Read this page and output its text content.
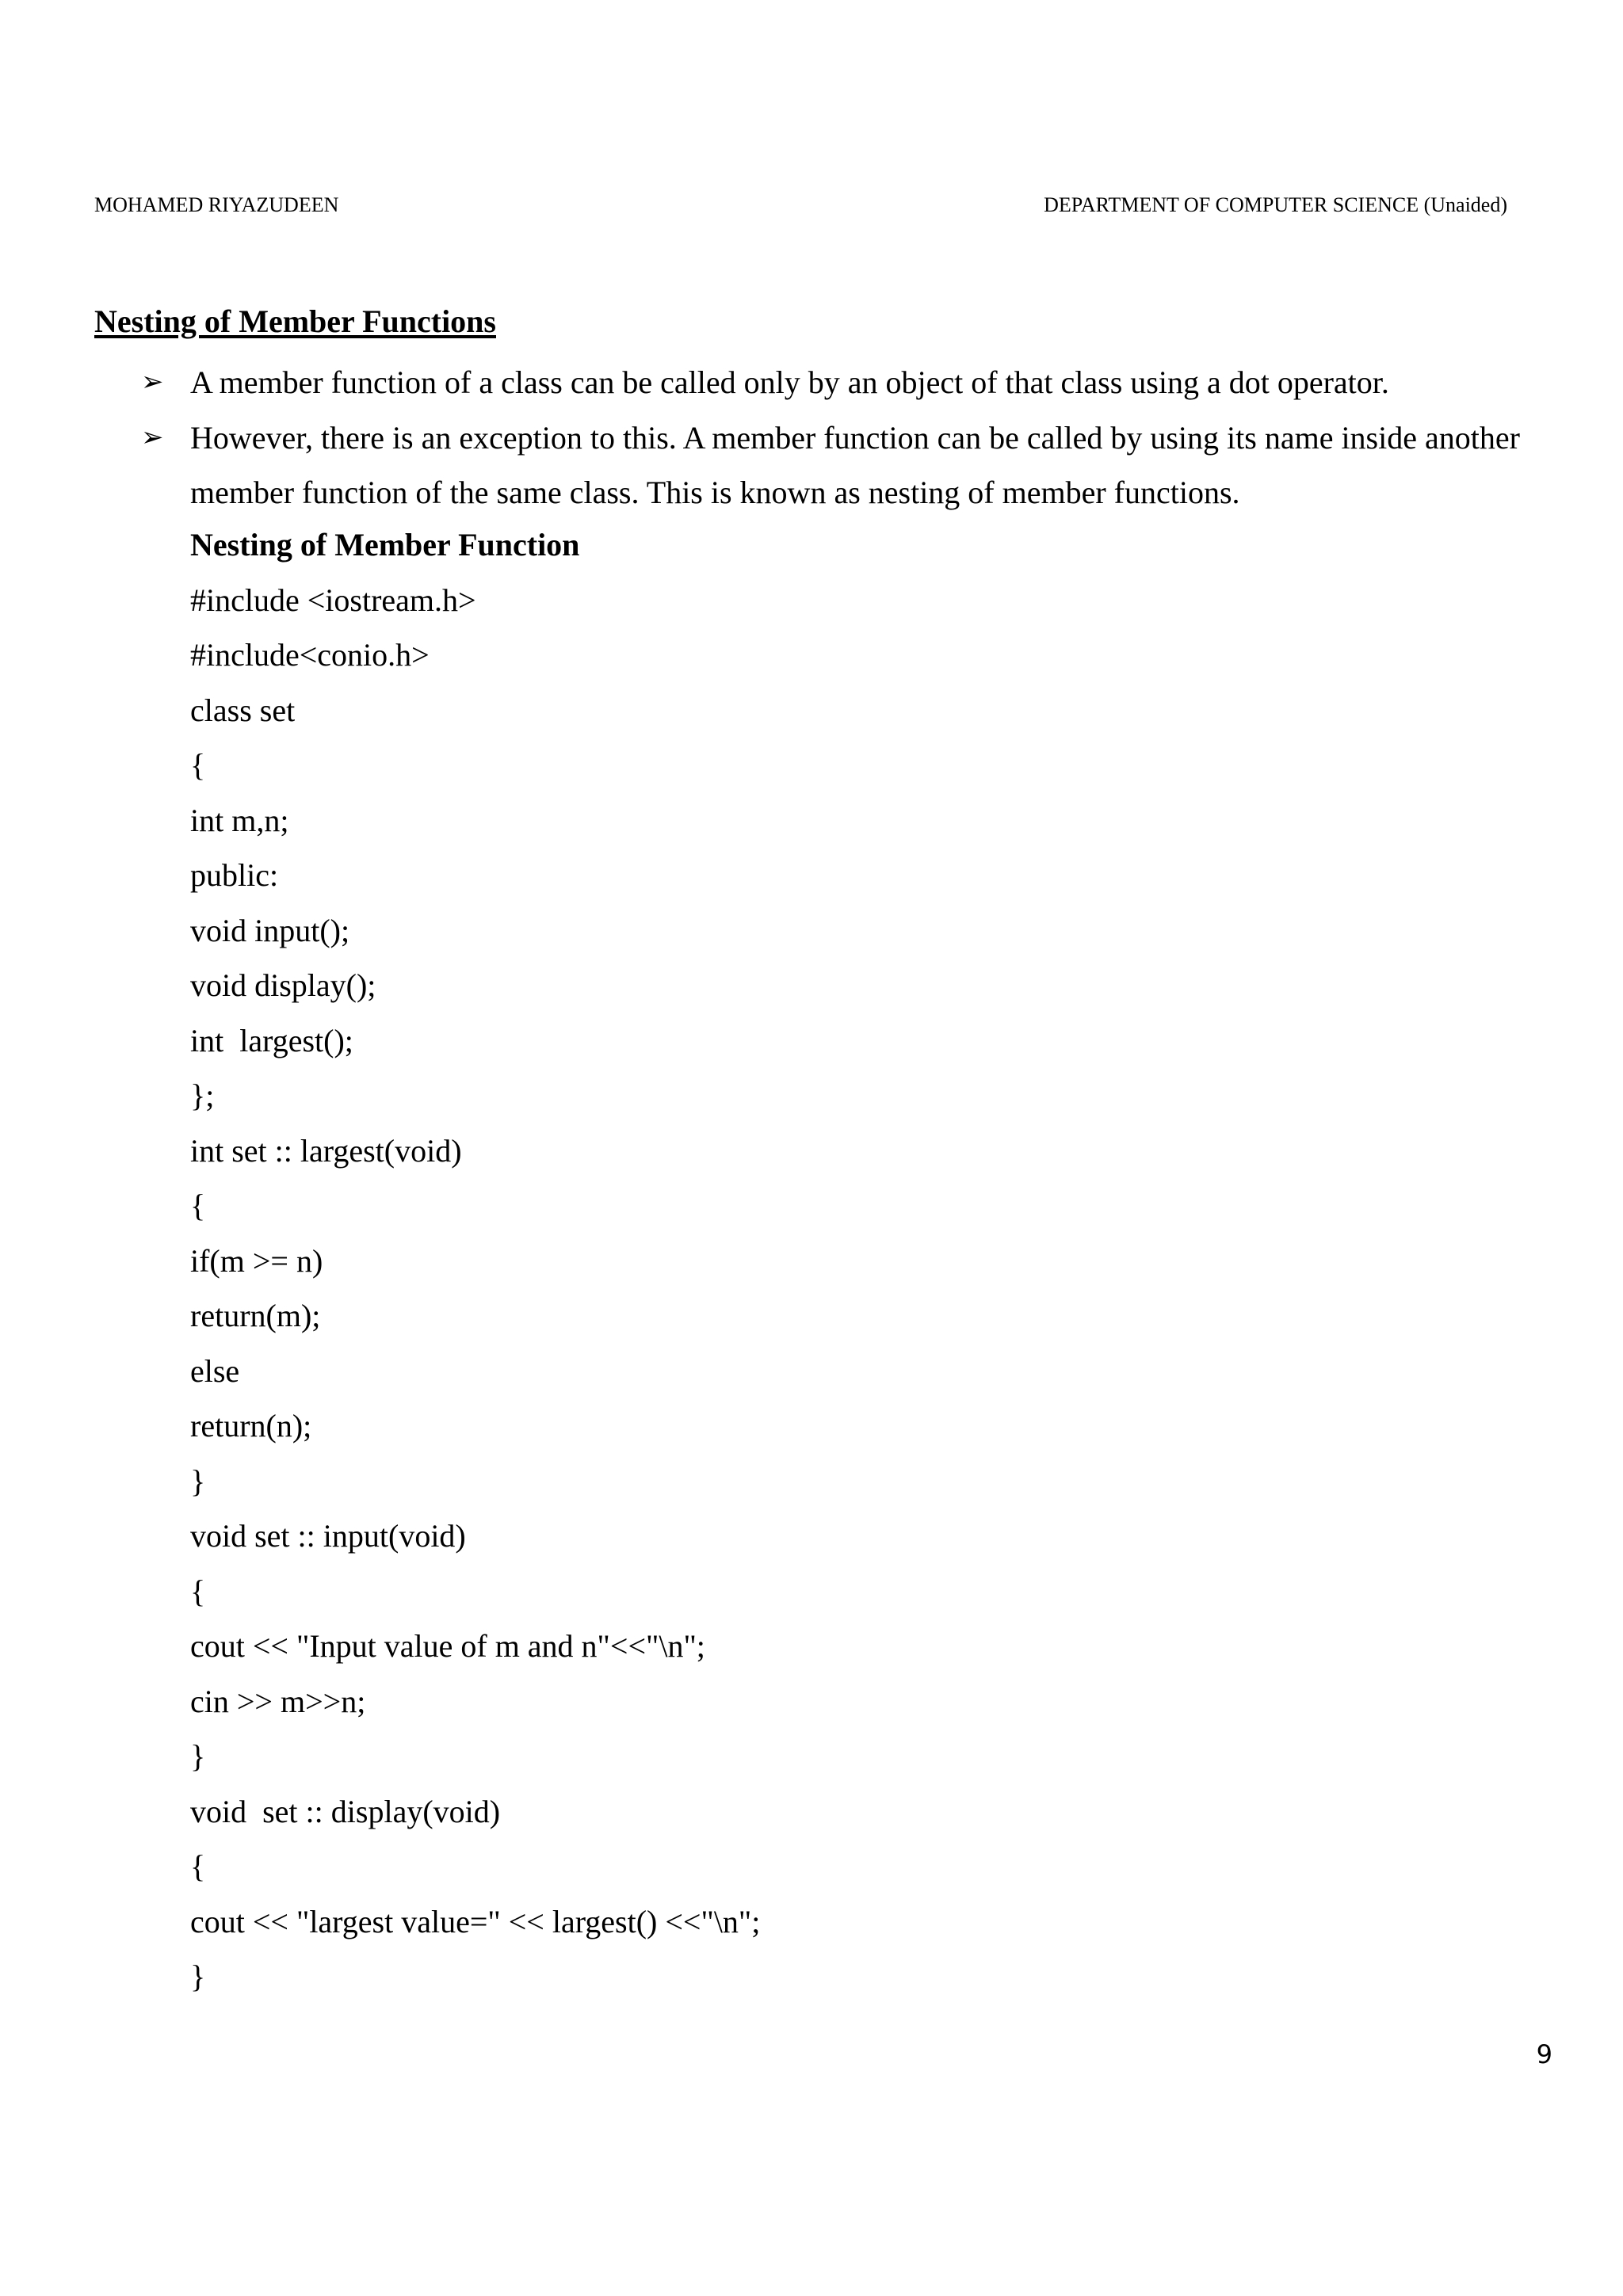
MOHAMED RIYAZUDEEN	DEPARTMENT OF COMPUTER SCIENCE (Unaided)
Nesting of Member Functions
➢ A member function of a class can be called only by an object of that class using a dot operator.
➢ However, there is an exception to this. A member function can be called by using its name inside another member function of the same class. This is known as nesting of member functions.
Nesting of Member Function
#include <iostream.h>
#include<conio.h>
class set
{
int m,n;
public:
void input();
void display();
int  largest();
};
int set :: largest(void)
{
if(m >= n)
return(m);
else
return(n);
}
void set :: input(void)
{
cout << "Input value of m and n"<<"\n";
cin >> m>>n;
}
void  set :: display(void)
{
cout << "largest value=" << largest() <<"\n";
}
9
